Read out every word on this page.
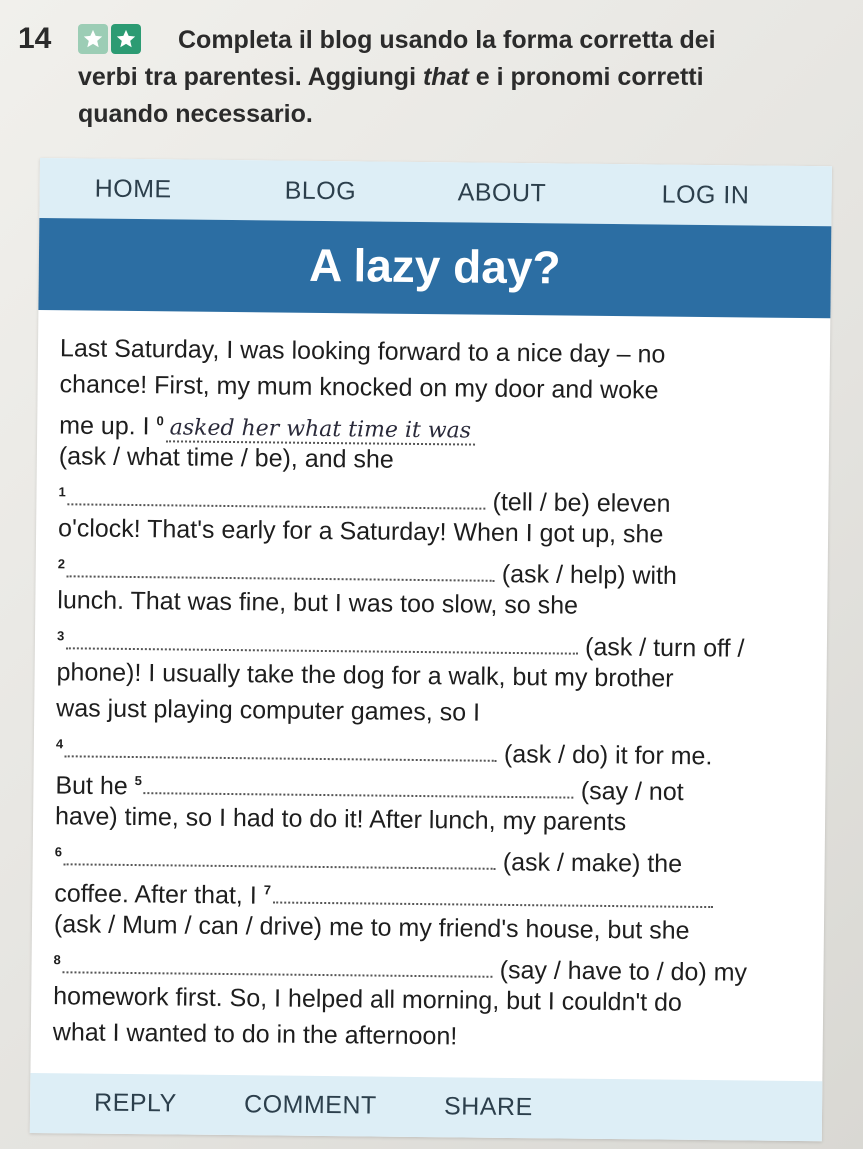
14	Completa il blog usando la forma corretta dei
verbi tra parentesi. Aggiungi that e i pronomi corretti
quando necessario.
HOME	BLOG	ABOUT	LOG IN
A lazy day?
Last Saturday, I was looking forward to a nice day – no
chance! First, my mum knocked on my door and woke
me up. I $^0$ asked her what time it was
(ask / what time / be), and she
$^1$	(tell / be) eleven
o'clock! That's early for a Saturday! When I got up, she
$^2$	(ask / help) with
lunch. That was fine, but I was too slow, so she
$^3$	(ask / turn off /
phone)! I usually take the dog for a walk, but my brother
was just playing computer games, so I
$^4$	(ask / do) it for me.
But he $^5$	(say / not
have) time, so I had to do it! After lunch, my parents
$^6$	(ask / make) the
coffee. After that, I $^7$
(ask / Mum / can / drive) me to my friend's house, but she
$^8$	(say / have to / do) my
homework first. So, I helped all morning, but I couldn't do
what I wanted to do in the afternoon!
REPLY	COMMENT	SHARE
